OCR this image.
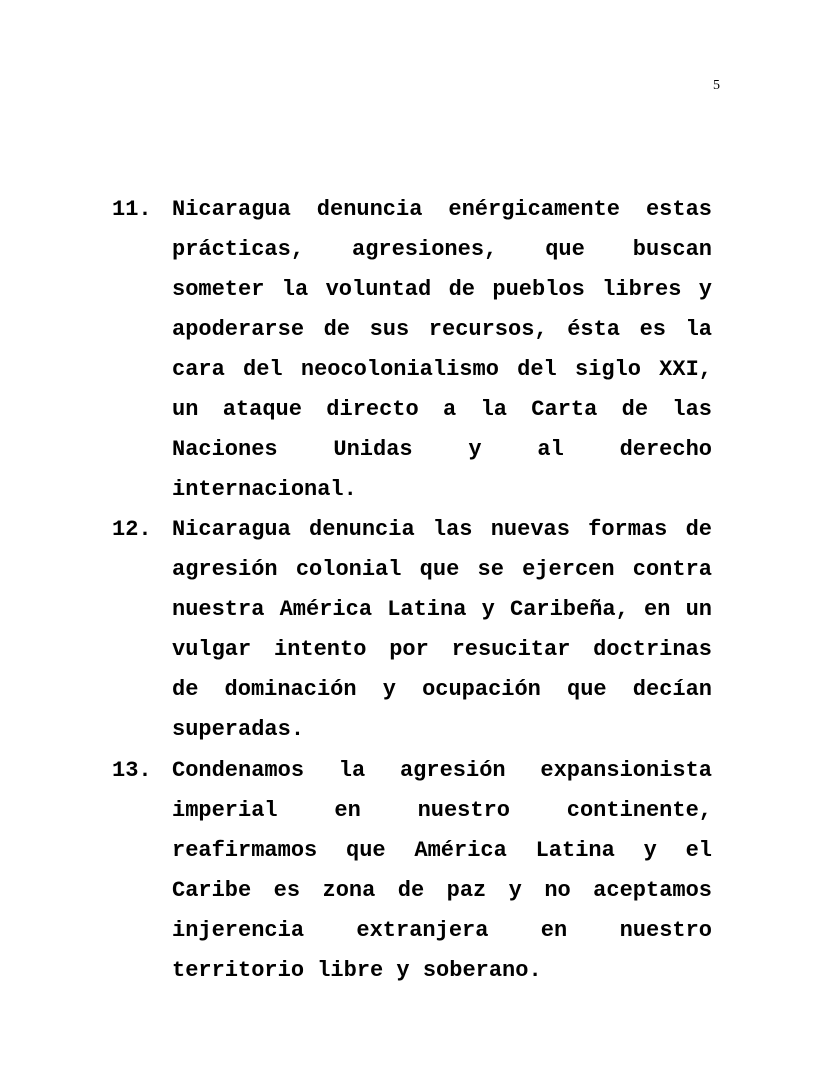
5
11. Nicaragua denuncia enérgicamente estas prácticas, agresiones, que buscan someter la voluntad de pueblos libres y apoderarse de sus recursos, ésta es la cara del neocolonialismo del siglo XXI, un ataque directo a la Carta de las Naciones Unidas y al derecho internacional.
12. Nicaragua denuncia las nuevas formas de agresión colonial que se ejercen contra nuestra América Latina y Caribeña, en un vulgar intento por resucitar doctrinas de dominación y ocupación que decían superadas.
13. Condenamos la agresión expansionista imperial en nuestro continente, reafirmamos que América Latina y el Caribe es zona de paz y no aceptamos injerencia extranjera en nuestro territorio libre y soberano.
